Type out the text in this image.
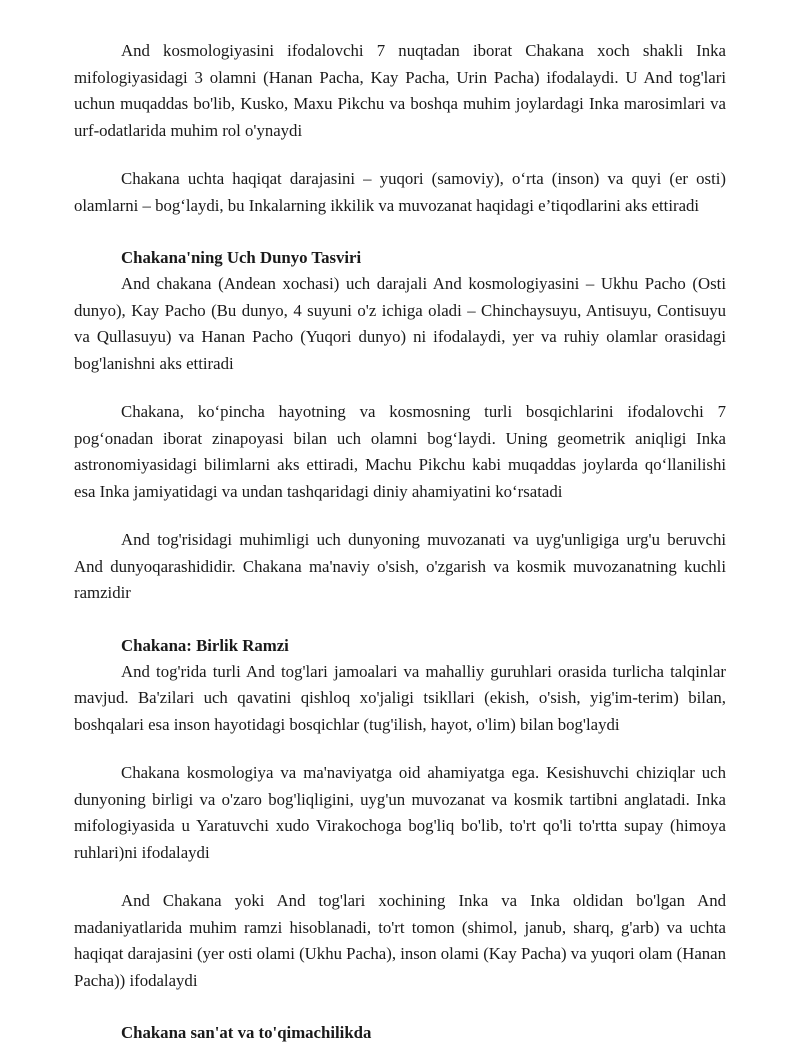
And kosmologiyasini ifodalovchi 7 nuqtadan iborat Chakana xoch shakli Inka mifologiyasidagi 3 olamni (Hanan Pacha, Kay Pacha, Urin Pacha) ifodalaydi. U And tog'lari uchun muqaddas bo'lib, Kusko, Maxu Pikchu va boshqa muhim joylardagi Inka marosimlari va urf-odatlarida muhim rol o'ynaydi

Chakana uchta haqiqat darajasini – yuqori (samoviy), o‘rta (inson) va quyi (er osti) olamlarni – bog‘laydi, bu Inkalarning ikkilik va muvozanat haqidagi e’tiqodlarini aks ettiradi

Chakana'ning Uch Dunyo Tasviri

And chakana (Andean xochasi) uch darajali And kosmologiyasini – Ukhu Pacho (Osti dunyo), Kay Pacho (Bu dunyo, 4 suyuni o'z ichiga oladi – Chinchaysuyu, Antisuyu, Contisuyu va Qullasuyu) va Hanan Pacho (Yuqori dunyo) ni ifodalaydi, yer va ruhiy olamlar orasidagi bog'lanishni aks ettiradi

Chakana, ko‘pincha hayotning va kosmosning turli bosqichlarini ifodalovchi 7 pog‘onadan iborat zinapoyasi bilan uch olamni bog‘laydi. Uning geometrik aniqligi Inka astronomiyasidagi bilimlarni aks ettiradi, Machu Pikchu kabi muqaddas joylarda qo‘llanilishi esa Inka jamiyatidagi va undan tashqaridagi diniy ahamiyatini ko‘rsatadi

And tog'risidagi muhimligi uch dunyoning muvozanati va uyg'unligiga urg'u beruvchi And dunyoqarashididir. Chakana ma'naviy o'sish, o'zgarish va kosmik muvozanatning kuchli ramzidir

Chakana: Birlik Ramzi

And tog'rida turli And tog'lari jamoalari va mahalliy guruhlari orasida turlicha talqinlar mavjud. Ba'zilari uch qavatini qishloq xo'jaligi tsikllari (ekish, o'sish, yig'im-terim) bilan, boshqalari esa inson hayotidagi bosqichlar (tug'ilish, hayot, o'lim) bilan bog'laydi

Chakana kosmologiya va ma'naviyatga oid ahamiyatga ega. Kesishuvchi chiziqlar uch dunyoning birligi va o'zaro bog'liqligini, uyg'un muvozanat va kosmik tartibni anglatadi. Inka mifologiyasida u Yaratuvchi xudo Virakochoga bog'liq bo'lib, to'rt qo'li to'rtta supay (himoya ruhlari)ni ifodalaydi

And Chakana yoki And tog'lari xochining Inka va Inka oldidan bo'lgan And madaniyatlarida muhim ramzi hisoblanadi, to'rt tomon (shimol, janub, sharq, g'arb) va uchta haqiqat darajasini (yer osti olami (Ukhu Pacha), inson olami (Kay Pacha) va yuqori olam (Hanan Pacha)) ifodalaydi

Chakana san'at va to'qimachilikda
